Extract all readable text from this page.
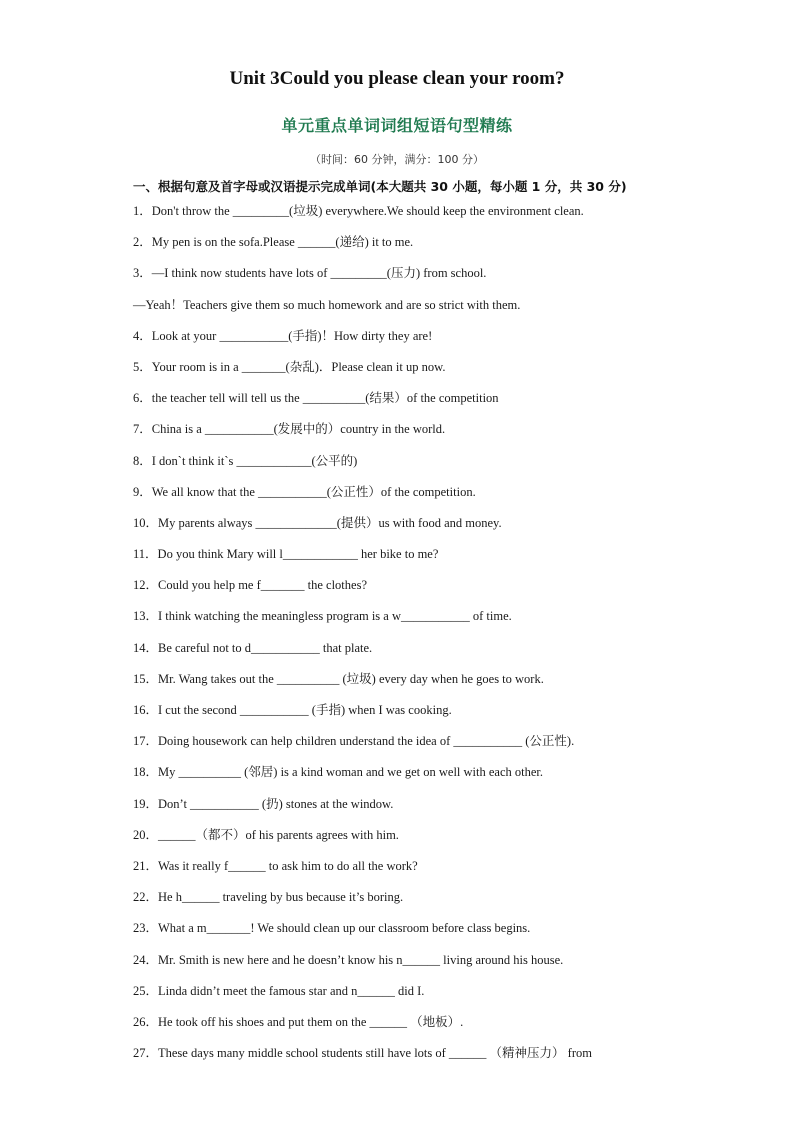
Unit 3Could you please clean your room?
单元重点单词词组短语句型精练
（时间：60 分钟，满分：100 分）
一、根据句意及首字母或汉语提示完成单词(本大题共 30 小题，每小题 1 分，共 30 分)
1．Don't throw the _________(垃圾) everywhere.We should keep the environment clean.
2．My pen is on the sofa.Please ______(递给) it to me.
3．—I think now students have lots of _________(压力) from school.
—Yeah！Teachers give them so much homework and are so strict with them.
4．Look at your ___________(手指)！How dirty they are!
5．Your room is in a _______(杂乱)．Please clean it up now.
6．the teacher tell will tell us the __________(结果）of the competition
7．China is a ___________(发展中的）country in the world.
8．I don`t think it`s ____________(公平的)
9．We all know that the ___________(公正性）of the competition.
10．My parents always _____________(提供）us with food and money.
11．Do you think Mary will l____________ her bike to me?
12．Could you help me f_______ the clothes?
13．I think watching the meaningless program is a w___________ of time.
14．Be careful not to d___________ that plate.
15．Mr. Wang takes out the __________ (垃圾) every day when he goes to work.
16．I cut the second ___________ (手指) when I was cooking.
17．Doing housework can help children understand the idea of ___________ (公正性).
18．My __________ (邻居) is a kind woman and we get on well with each other.
19．Don’t ___________ (扔) stones at the window.
20．______（都不）of his parents agrees with him.
21．Was it really f______ to ask him to do all the work?
22．He h______ traveling by bus because it’s boring.
23．What a m_______! We should clean up our classroom before class begins.
24．Mr. Smith is new here and he doesn’t know his n______ living around his house.
25．Linda didn’t meet the famous star and n______ did I.
26．He took off his shoes and put them on the ______ （地板）.
27．These days many middle school students still have lots of ______ （精神压力） from
